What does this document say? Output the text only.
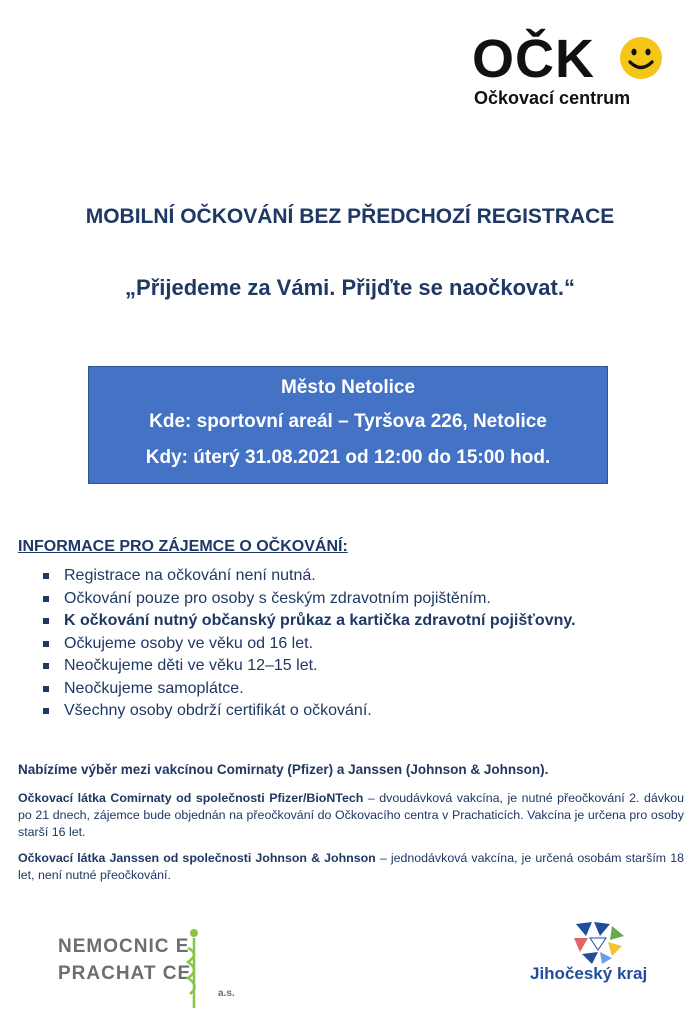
OČK
Očkovací centrum
MOBILNÍ OČKOVÁNÍ BEZ PŘEDCHOZÍ REGISTRACE
„Přijedeme za Vámi. Přijďte se naočkovat.“
Město Netolice
Kde: sportovní areál – Tyršova 226, Netolice
Kdy: úterý 31.08.2021 od 12:00 do 15:00 hod.
INFORMACE PRO ZÁJEMCE O OČKOVÁNÍ:
Registrace na očkování není nutná.
Očkování pouze pro osoby s českým zdravotním pojištěním.
K očkování nutný občanský průkaz a kartička zdravotní pojišťovny.
Očkujeme osoby ve věku od 16 let.
Neočkujeme děti ve věku 12–15 let.
Neočkujeme samoplátce.
Všechny osoby obdrží certifikát o očkování.
Nabízíme výběr mezi vakcínou Comirnaty (Pfizer) a Janssen (Johnson & Johnson).
Očkovací látka Comirnaty od společnosti Pfizer/BioNTech – dvoudávková vakcína, je nutné přeočkování 2. dávkou po 21 dnech, zájemce bude objednán na přeočkování do Očkovacího centra v Prachaticích. Vakcína je určena pro osoby starší 16 let.
Očkovací látka Janssen od společnosti Johnson & Johnson – jednodávková vakcína, je určená osobám starším 18 let, není nutné přeočkování.
NEMOCNIC E
PRACHAT CE
a.s.
Jihočeský kraj
